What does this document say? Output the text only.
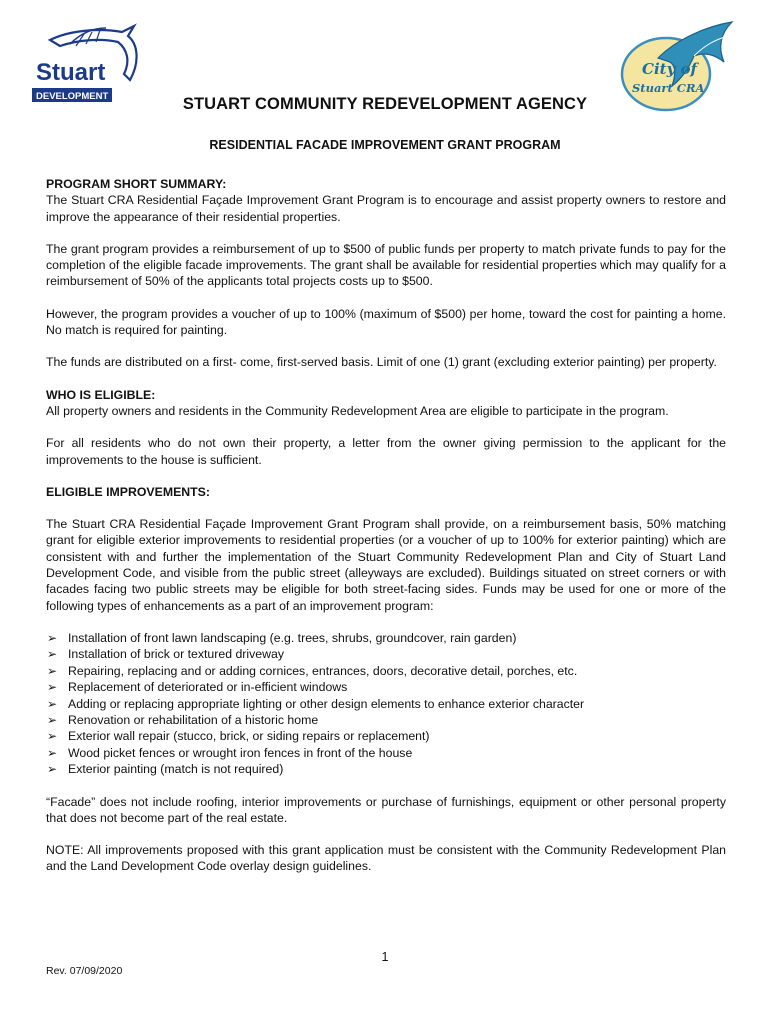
Stuart
DEVELOPMENT
City of
Stuart CRA
STUART COMMUNITY REDEVELOPMENT AGENCY
RESIDENTIAL FACADE IMPROVEMENT GRANT PROGRAM

PROGRAM SHORT SUMMARY:
The Stuart CRA Residential Façade Improvement Grant Program is to encourage and assist property owners to restore and improve the appearance of their residential properties.

The grant program provides a reimbursement of up to $500 of public funds per property to match private funds to pay for the completion of the eligible facade improvements. The grant shall be available for residential properties which may qualify for a reimbursement of 50% of the applicants total projects costs up to $500.

However, the program provides a voucher of up to 100% (maximum of $500) per home, toward the cost for painting a home. No match is required for painting.

The funds are distributed on a first- come, first-served basis. Limit of one (1) grant (excluding exterior painting) per property.

WHO IS ELIGIBLE:
All property owners and residents in the Community Redevelopment Area are eligible to participate in the program.

For all residents who do not own their property, a letter from the owner giving permission to the applicant for the improvements to the house is sufficient.

ELIGIBLE IMPROVEMENTS:

The Stuart CRA Residential Façade Improvement Grant Program shall provide, on a reimbursement basis, 50% matching grant for eligible exterior improvements to residential properties (or a voucher of up to 100% for exterior painting) which are consistent with and further the implementation of the Stuart Community Redevelopment Plan and City of Stuart Land Development Code, and visible from the public street (alleyways are excluded). Buildings situated on street corners or with facades facing two public streets may be eligible for both street-facing sides. Funds may be used for one or more of the following types of enhancements as a part of an improvement program:

➢ Installation of front lawn landscaping (e.g. trees, shrubs, groundcover, rain garden)
➢ Installation of brick or textured driveway
➢ Repairing, replacing and or adding cornices, entrances, doors, decorative detail, porches, etc.
➢ Replacement of deteriorated or in-efficient windows
➢ Adding or replacing appropriate lighting or other design elements to enhance exterior character
➢ Renovation or rehabilitation of a historic home
➢ Exterior wall repair (stucco, brick, or siding repairs or replacement)
➢ Wood picket fences or wrought iron fences in front of the house
➢ Exterior painting (match is not required)

“Facade” does not include roofing, interior improvements or purchase of furnishings, equipment or other personal property that does not become part of the real estate.

NOTE: All improvements proposed with this grant application must be consistent with the Community Redevelopment Plan and the Land Development Code overlay design guidelines.

1
Rev. 07/09/2020
